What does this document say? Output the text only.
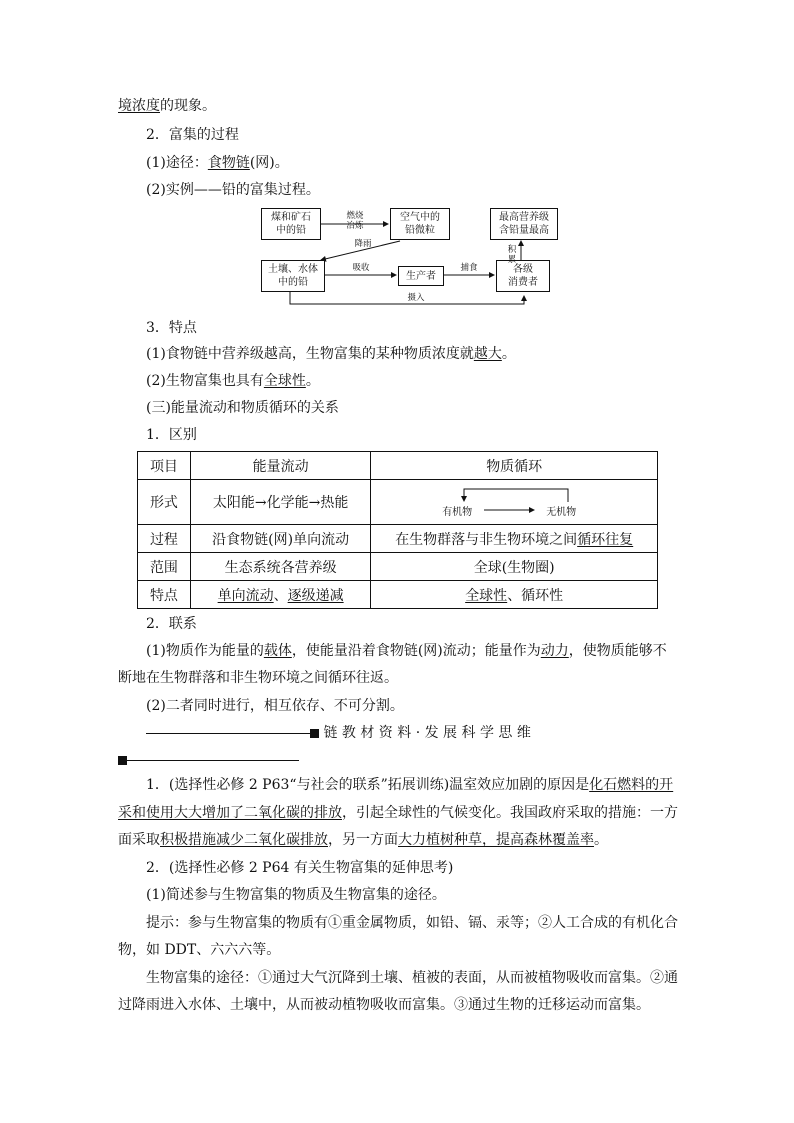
境浓度的现象。
2．富集的过程
(1)途径：食物链(网)。
(2)实例——铅的富集过程。
煤和矿石
中的铅
空气中的
铅微粒
最高营养级
含铅量最高
土壤、水体
中的铅
生产者
各级
消费者
燃烧
冶炼
降雨
吸收	捕食
积 累
摄入
3．特点
(1)食物链中营养级越高，生物富集的某种物质浓度就越大。
(2)生物富集也具有全球性。
(三)能量流动和物质循环的关系
1．区别
项目	能量流动	物质循环
形式	太阳能→化学能→热能	有机物 无机物

过程	沿食物链(网)单向流动	在生物群落与非生物环境之间循环往复
范围	生态系统各营养级	全球(生物圈)
特点	单向流动、逐级递减	全球性、循环性
2．联系
(1)物质作为能量的载体，使能量沿着食物链(网)流动；能量作为动力，使物质能够不
断地在生物群落和非生物环境之间循环往返。
(2)二者同时进行，相互依存、不可分割。
链 教 材 资 料 · 发 展 科 学 思 维
1．(选择性必修 2 P63“与社会的联系”拓展训练)温室效应加剧的原因是化石燃料的开
采和使用大大增加了二氧化碳的排放，引起全球性的气候变化。我国政府采取的措施：一方
面采取积极措施减少二氧化碳排放，另一方面大力植树种草，提高森林覆盖率。
2．(选择性必修 2 P64 有关生物富集的延伸思考)
(1)简述参与生物富集的物质及生物富集的途径。
提示：参与生物富集的物质有①重金属物质，如铅、镉、汞等；②人工合成的有机化合
物，如 DDT、六六六等。
生物富集的途径：①通过大气沉降到土壤、植被的表面，从而被植物吸收而富集。②通
过降雨进入水体、土壤中，从而被动植物吸收而富集。③通过生物的迁移运动而富集。
